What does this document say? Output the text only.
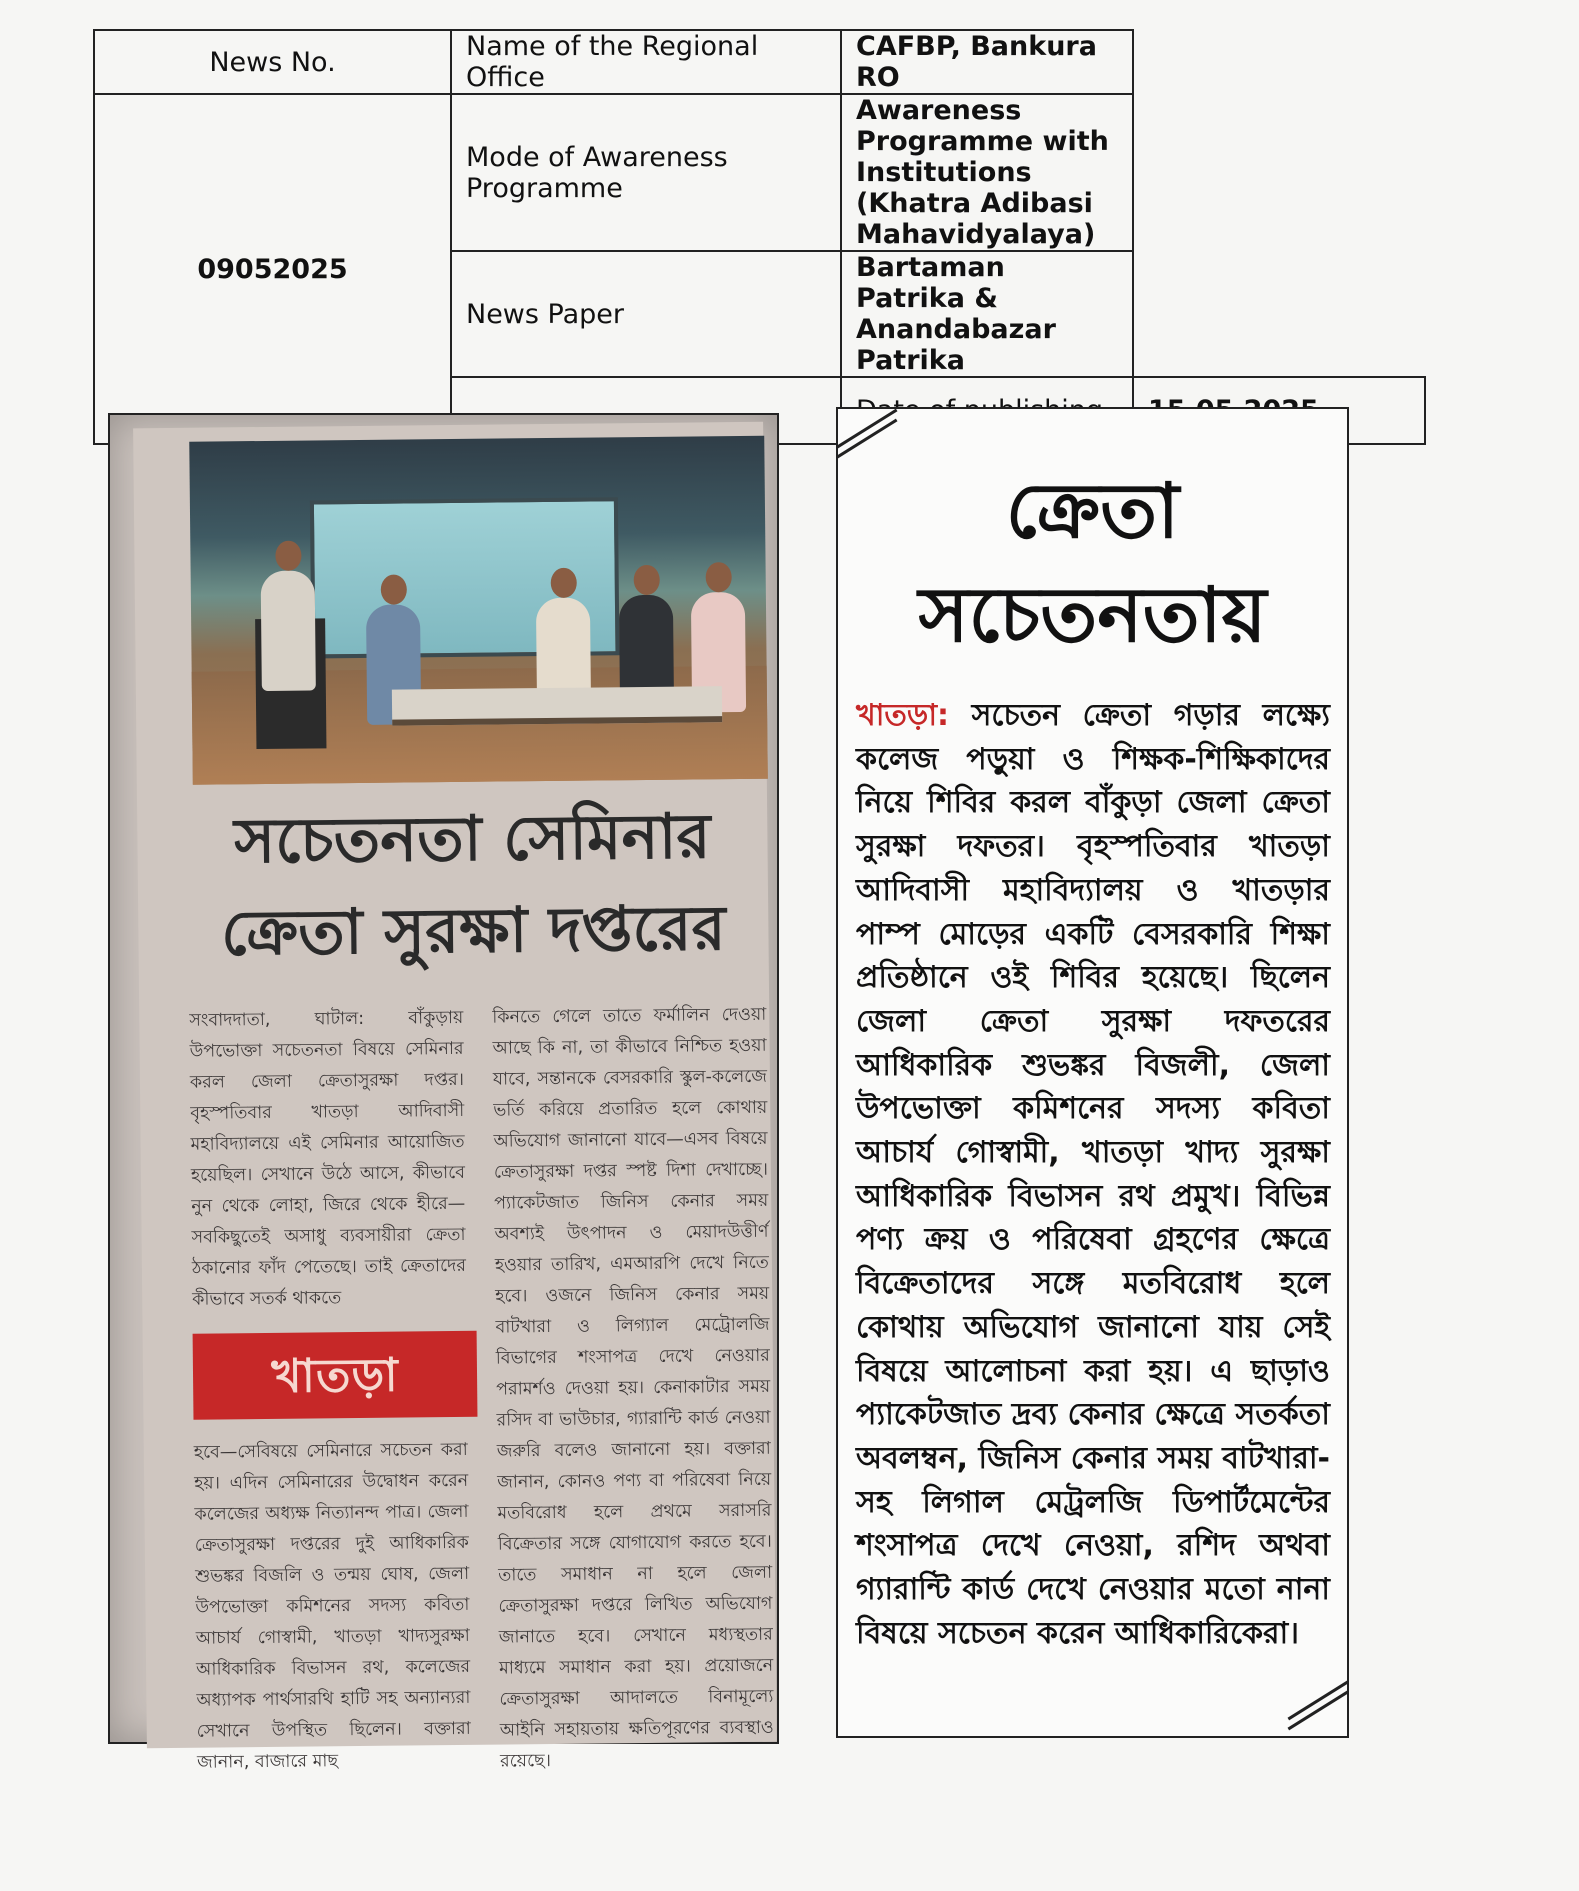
News No.	Name of the Regional Office	CAFBP, Bankura RO	
09052025	Mode of Awareness Programme	Awareness Programme with Institutions (Khatra Adibasi Mahavidyalaya)	
	News Paper	Bartaman Patrika & Anandabazar Patrika	

সচেতনতা সেমিনার
ক্রেতা সুরক্ষা দপ্তরের
সংবাদদাতা, ঘাটাল: বাঁকুড়ায় উপভোক্তা সচেতনতা বিষয়ে সেমিনার করল জেলা ক্রেতাসুরক্ষা দপ্তর। বৃহস্পতিবার খাতড়া আদিবাসী মহাবিদ্যালয়ে এই সেমিনার আয়োজিত হয়েছিল। সেখানে উঠে আসে, কীভাবে নুন থেকে লোহা, জিরে থেকে হীরে—সবকিছুতেই অসাধু ব্যবসায়ীরা ক্রেতা ঠকানোর ফাঁদ পেতেছে। তাই ক্রেতাদের কীভাবে সতর্ক থাকতে
খাতড়া
হবে—সেবিষয়ে সেমিনারে সচেতন করা হয়। এদিন সেমিনারের উদ্বোধন করেন কলেজের অধ্যক্ষ নিত্যানন্দ পাত্র। জেলা ক্রেতাসুরক্ষা দপ্তরের দুই আধিকারিক শুভঙ্কর বিজলি ও তন্ময় ঘোষ, জেলা উপভোক্তা কমিশনের সদস্য কবিতা আচার্য গোস্বামী, খাতড়া খাদ্যসুরক্ষা আধিকারিক বিভাসন রথ, কলেজের অধ্যাপক পার্থসারথি হাটি সহ অন্যান্যরা সেখানে উপস্থিত ছিলেন। বক্তারা জানান, বাজারে মাছ
কিনতে গেলে তাতে ফর্মালিন দেওয়া আছে কি না, তা কীভাবে নিশ্চিত হওয়া যাবে, সন্তানকে বেসরকারি স্কুল-কলেজে ভর্তি করিয়ে প্রতারিত হলে কোথায় অভিযোগ জানানো যাবে—এসব বিষয়ে ক্রেতাসুরক্ষা দপ্তর স্পষ্ট দিশা দেখাচ্ছে। প্যাকেটজাত জিনিস কেনার সময় অবশ্যই উৎপাদন ও মেয়াদউত্তীর্ণ হওয়ার তারিখ, এমআরপি দেখে নিতে হবে। ওজনে জিনিস কেনার সময় বাটখারা ও লিগ্যাল মেট্রোলজি বিভাগের শংসাপত্র দেখে নেওয়ার পরামর্শও দেওয়া হয়। কেনাকাটার সময় রসিদ বা ভাউচার, গ্যারান্টি কার্ড নেওয়া জরুরি বলেও জানানো হয়। বক্তারা জানান, কোনও পণ্য বা পরিষেবা নিয়ে মতবিরোধ হলে প্রথমে সরাসরি বিক্রেতার সঙ্গে যোগাযোগ করতে হবে। তাতে সমাধান না হলে জেলা ক্রেতাসুরক্ষা দপ্তরে লিখিত অভিযোগ জানাতে হবে। সেখানে মধ্যস্থতার মাধ্যমে সমাধান করা হয়। প্রয়োজনে ক্রেতাসুরক্ষা আদালতে বিনামূল্যে আইনি সহায়তায় ক্ষতিপূরণের ব্যবস্থাও রয়েছে।
ক্রেতা
সচেতনতায়
খাতড়া: সচেতন ক্রেতা গড়ার লক্ষ্যে কলেজ পড়ুয়া ও শিক্ষক-শিক্ষিকাদের নিয়ে শিবির করল বাঁকুড়া জেলা ক্রেতা সুরক্ষা দফতর। বৃহস্পতিবার খাতড়া আদিবাসী মহাবিদ্যালয় ও খাতড়ার পাম্প মোড়ের একটি বেসরকারি শিক্ষা প্রতিষ্ঠানে ওই শিবির হয়েছে। ছিলেন জেলা ক্রেতা সুরক্ষা দফতরের আধিকারিক শুভঙ্কর বিজলী, জেলা উপভোক্তা কমিশনের সদস্য কবিতা আচার্য গোস্বামী, খাতড়া খাদ্য সুরক্ষা আধিকারিক বিভাসন রথ প্রমুখ। বিভিন্ন পণ্য ক্রয় ও পরিষেবা গ্রহণের ক্ষেত্রে বিক্রেতাদের সঙ্গে মতবিরোধ হলে কোথায় অভিযোগ জানানো যায় সেই বিষয়ে আলোচনা করা হয়। এ ছাড়াও প্যাকেটজাত দ্রব্য কেনার ক্ষেত্রে সতর্কতা অবলম্বন, জিনিস কেনার সময় বাটখারা-সহ লিগাল মেট্রলজি ডিপার্টমেন্টের শংসাপত্র দেখে নেওয়া, রশিদ অথবা গ্যারান্টি কার্ড দেখে নেওয়ার মতো নানা বিষয়ে সচেতন করেন আধিকারিকেরা।
